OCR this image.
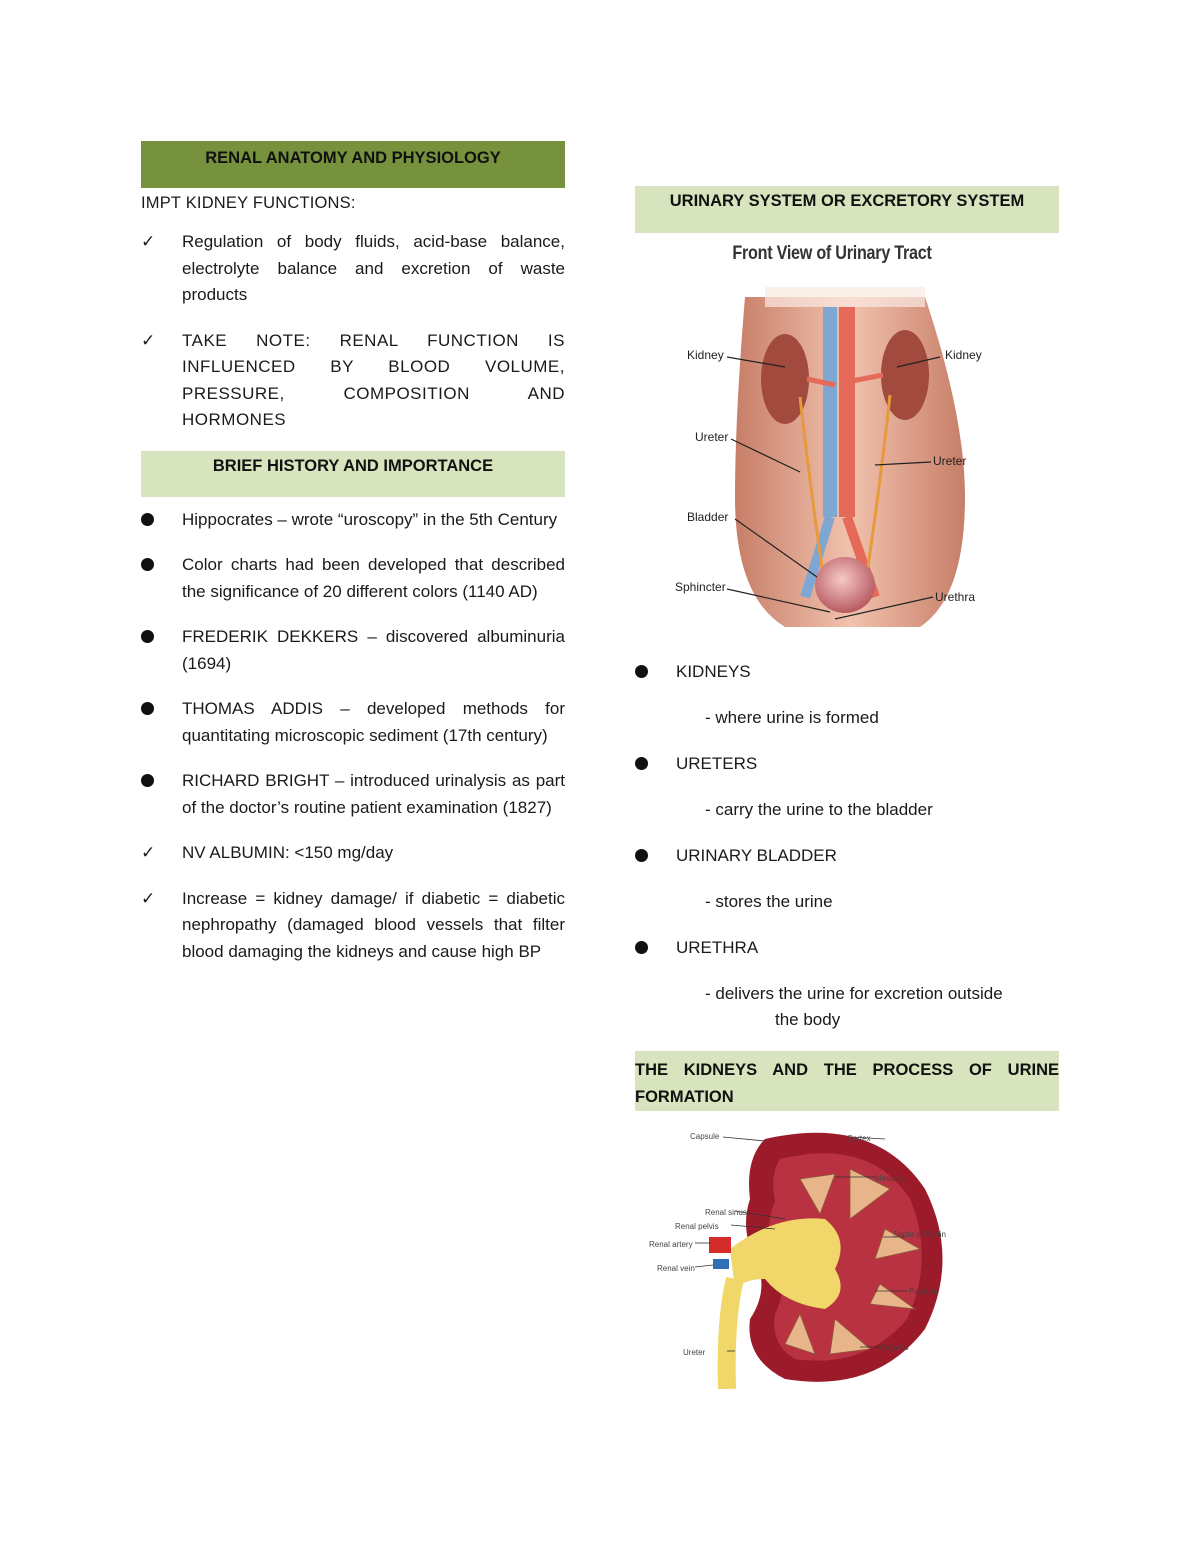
RENAL ANATOMY AND PHYSIOLOGY
IMPT KIDNEY FUNCTIONS:
✓	Regulation of body fluids, acid-base balance, electrolyte balance and excretion of waste products
✓	TAKE NOTE: RENAL FUNCTION IS INFLUENCED BY BLOOD VOLUME, PRESSURE, COMPOSITION AND HORMONES
BRIEF HISTORY AND IMPORTANCE
Hippocrates – wrote “uroscopy” in the 5th Century
Color charts had been developed that described the significance of 20 different colors (1140 AD)
FREDERIK DEKKERS – discovered albuminuria (1694)
THOMAS ADDIS – developed methods for quantitating microscopic sediment (17th century)
RICHARD BRIGHT – introduced urinalysis as part of the doctor’s routine patient examination (1827)
✓	NV ALBUMIN: <150 mg/day
✓	Increase = kidney damage/ if diabetic = diabetic nephropathy (damaged blood vessels that filter blood damaging the kidneys and cause high BP
URINARY SYSTEM OR EXCRETORY SYSTEM
Front View of Urinary Tract
Kidney	Kidney
Ureter
Ureter
Bladder
Sphincter
Urethra
KIDNEYS
- where urine is formed
URETERS
- carry the urine to the bladder
URINARY BLADDER
- stores the urine
URETHRA
- delivers the urine for excretion outside
the body
THE KIDNEYS AND THE PROCESS OF URINE FORMATION
Capsule	Cortex
Medulla
Renal sinus
Renal pelvis
Renal artery
Renal vein
Septa of Bertin
Papillae
Ureter
Calyces
